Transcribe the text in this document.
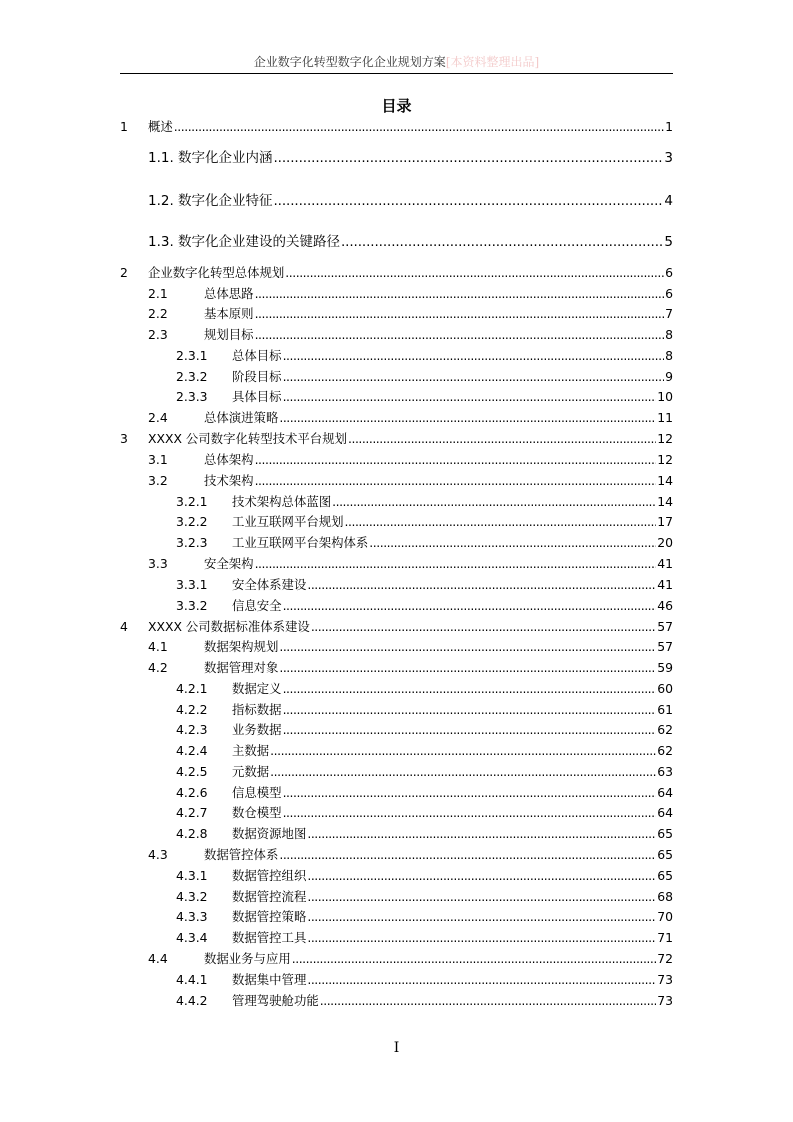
企业数字化转型数字化企业规划方案[本资料整理出品]
目录
1 概述 . . .	1
1.1. 数字化企业内涵 . . .	3
1.2. 数字化企业特征 . . .	4
1.3. 数字化企业建设的关键路径 . . .	5
2 企业数字化转型总体规划 . . .	6
2.1	总体思路 . . .	6
2.2	基本原则 . . .	7
2.3	规划目标 . . .	8
2.3.1 总体目标 . . .	8
2.3.2 阶段目标 . . .	9
2.3.3 具体目标 . . .	10
2.4	总体演进策略 . . .	11
3 XXXX 公司数字化转型技术平台规划 . . .	12
3.1	总体架构 . . .	12
3.2	技术架构 . . .	14
3.2.1 技术架构总体蓝图 . . .	14
3.2.2 工业互联网平台规划 . . .	17
3.2.3 工业互联网平台架构体系 . . .	20
3.3	安全架构 . . .	41
3.3.1 安全体系建设 . . .	41
3.3.2 信息安全 . . .	46
4 XXXX 公司数据标准体系建设 . . .	57
4.1	数据架构规划 . . .	57
4.2	数据管理对象 . . .	59
4.2.1 数据定义 . . .	60
4.2.2 指标数据 . . .	61
4.2.3 业务数据 . . .	62
4.2.4 主数据 . . .	62
4.2.5 元数据 . . .	63
4.2.6 信息模型 . . .	64
4.2.7 数仓模型 . . .	64
4.2.8 数据资源地图 . . .	65
4.3	数据管控体系 . . .	65
4.3.1 数据管控组织 . . .	65
4.3.2 数据管控流程 . . .	68
4.3.3 数据管控策略 . . .	70
4.3.4 数据管控工具 . . .	71
4.4	数据业务与应用 . . .	72
4.4.1 数据集中管理 . . .	73
4.4.2 管理驾驶舱功能 . . .	73
I
